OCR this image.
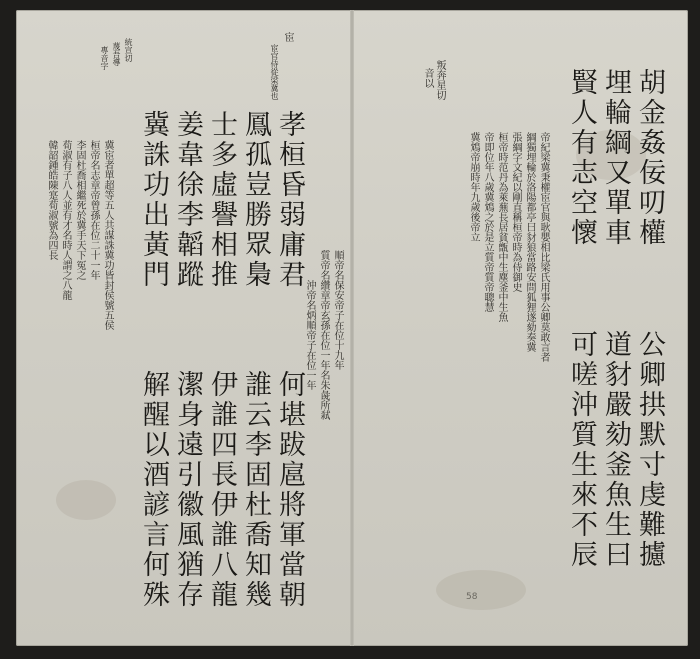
叛奔星切
音以	胡金姦佞叨權
埋輪綱又單車
賢人有志空懷
帝紀梁冀秉權宦官與耿嬰相比梁氏用事公卿莫敢言者
綱獨埋輪於洛陽都亭曰豺狼當路安問狐狸遂劾奏冀
張綱字文紀以剛直稱桓帝時為侍御史
桓帝時范丹為萊蕪長居貧甑中生塵釜中生魚
帝即位年八歲冀鴆之於是立質帝質帝聰慧
冀鴆帝崩時年九歲後帝立
公卿拱默寸虔難攄
道豺嚴劾釜魚生曰
可嗟沖質生來不辰
統宣切
蔑吾導
專音字
宦
宦官侍從梁冀也
孝桓昏弱庸君
鳳孤豈勝眾梟
士多虛譽相推
姜韋徐李韜蹤
冀誅功出黃門
順帝名保安帝子在位十九年
質帝名纘章帝玄孫在位一年名朱彘所弒
沖帝名炳順帝子在位一年
何堪跋扈將軍當朝
誰云李固杜喬知幾
伊誰四長伊誰八龍
潔身遠引徽風猶存
解醒以酒諺言何殊
冀宦者單超等五人共謀誅冀功皆封侯號五侯
桓帝名志章帝曾孫在位二十一年
李固杜喬相繼死於冀手天下冤之
荀淑有子八人並有才名時人謂之八龍
韓韶鍾皓陳寔荀淑號為四長
58
